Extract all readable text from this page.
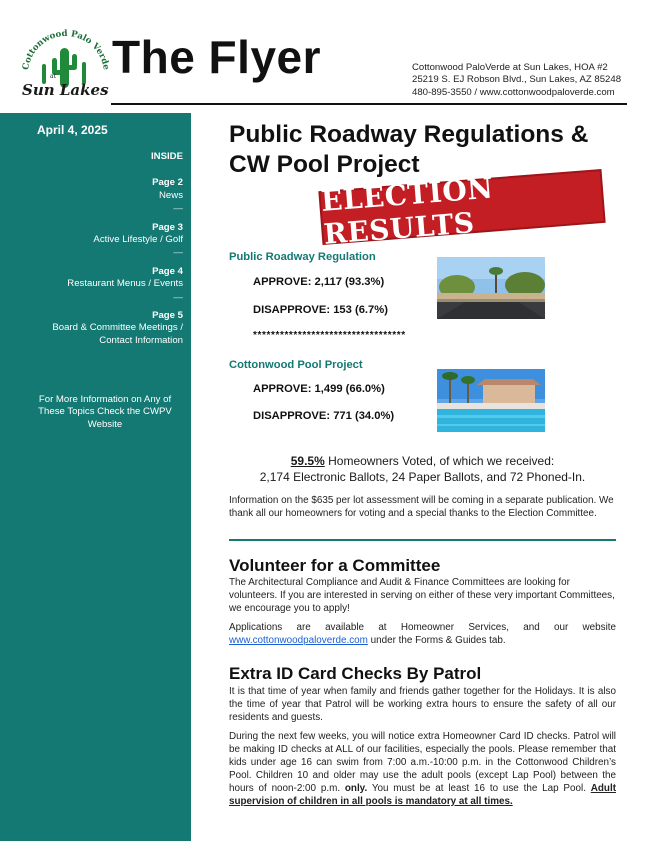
Cottonwood Palo Verde
at
Sun Lakes
The Flyer	Cottonwood PaloVerde at Sun Lakes, HOA #2
25219 S. EJ Robson Blvd., Sun Lakes, AZ 85248
480-895-3550 / www.cottonwoodpaloverde.com
April 4, 2025
INSIDE
Page 2
News
—
Page 3
Active Lifestyle / Golf
—
Page 4
Restaurant Menus / Events
—
Page 5
Board & Committee Meetings /
Contact Information
For More Information on Any of These Topics Check the CWPV Website
Public Roadway Regulations &
CW Pool Project
ELECTION RESULTS
Public Roadway Regulation
APPROVE: 2,117 (93.3%)
DISAPPROVE: 153 (6.7%)
**********************************
Cottonwood Pool Project
APPROVE: 1,499 (66.0%)
DISAPPROVE: 771 (34.0%)
59.5% Homeowners Voted, of which we received:
2,174 Electronic Ballots, 24 Paper Ballots, and 72 Phoned-In.
Information on the $635 per lot assessment will be coming in a separate publication. We thank all our homeowners for voting and a special thanks to the Election Committee.
Volunteer for a Committee
The Architectural Compliance and Audit & Finance Committees are looking for volunteers. If you are interested in serving on either of these very important Committees, we encourage you to apply!
Applications are available at Homeowner Services, and our website www.cottonwoodpaloverde.com under the Forms & Guides tab.
Extra ID Card Checks By Patrol
It is that time of year when family and friends gather together for the Holidays. It is also the time of year that Patrol will be working extra hours to ensure the safety of all our residents and guests.
During the next few weeks, you will notice extra Homeowner Card ID checks. Patrol will be making ID checks at ALL of our facilities, especially the pools. Please remember that kids under age 16 can swim from 7:00 a.m.-10:00 p.m. in the Cottonwood Children’s Pool. Children 10 and older may use the adult pools (except Lap Pool) between the hours of noon-2:00 p.m. only. You must be at least 16 to use the Lap Pool. Adult supervision of children in all pools is mandatory at all times.
